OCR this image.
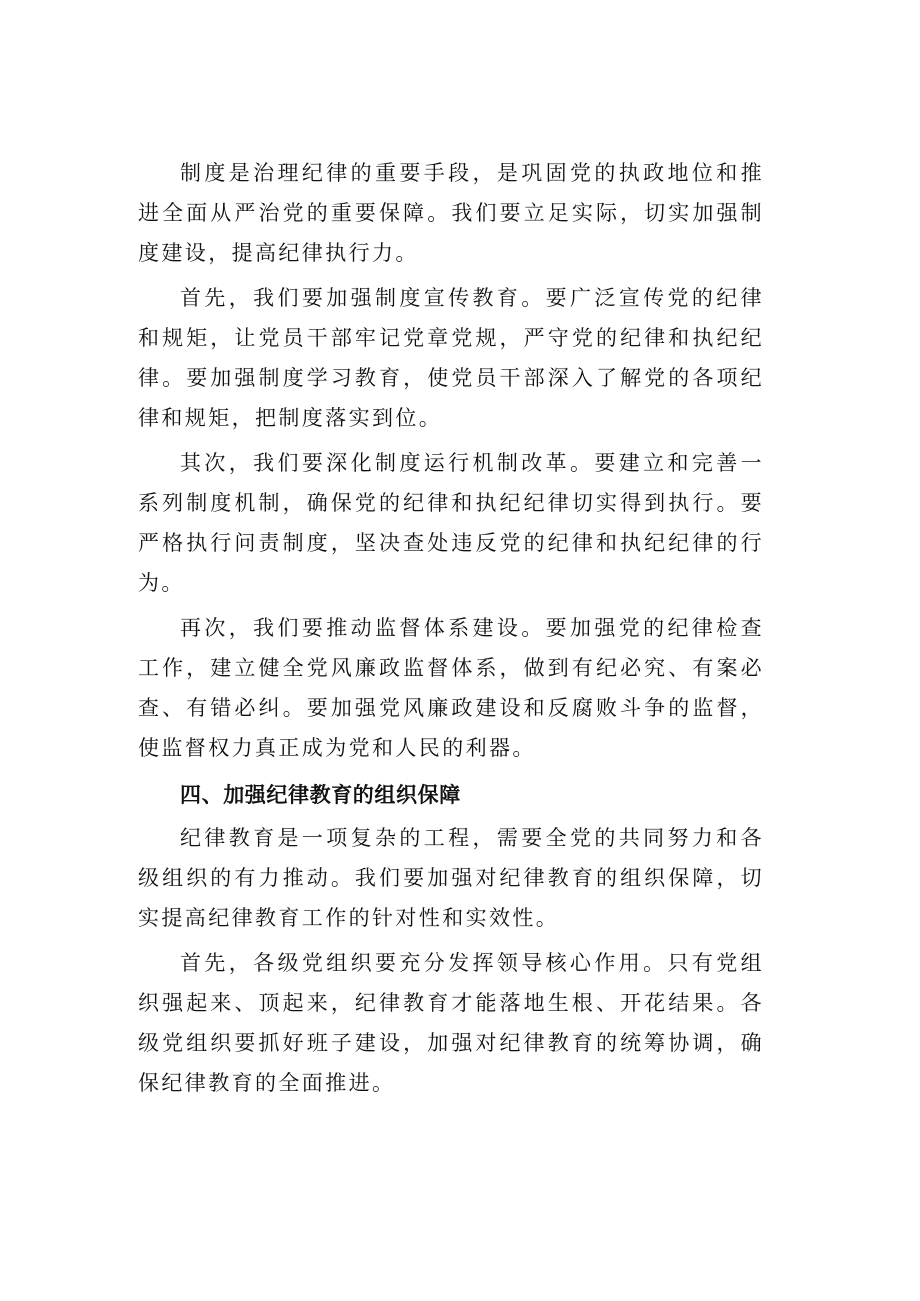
制度是治理纪律的重要手段，是巩固党的执政地位和推进全面从严治党的重要保障。我们要立足实际，切实加强制度建设，提高纪律执行力。

首先，我们要加强制度宣传教育。要广泛宣传党的纪律和规矩，让党员干部牢记党章党规，严守党的纪律和执纪纪律。要加强制度学习教育，使党员干部深入了解党的各项纪律和规矩，把制度落实到位。

其次，我们要深化制度运行机制改革。要建立和完善一系列制度机制，确保党的纪律和执纪纪律切实得到执行。要严格执行问责制度，坚决查处违反党的纪律和执纪纪律的行为。

再次，我们要推动监督体系建设。要加强党的纪律检查工作，建立健全党风廉政监督体系，做到有纪必究、有案必查、有错必纠。要加强党风廉政建设和反腐败斗争的监督，使监督权力真正成为党和人民的利器。

四、加强纪律教育的组织保障

纪律教育是一项复杂的工程，需要全党的共同努力和各级组织的有力推动。我们要加强对纪律教育的组织保障，切实提高纪律教育工作的针对性和实效性。

首先，各级党组织要充分发挥领导核心作用。只有党组织强起来、顶起来，纪律教育才能落地生根、开花结果。各级党组织要抓好班子建设，加强对纪律教育的统筹协调，确保纪律教育的全面推进。
